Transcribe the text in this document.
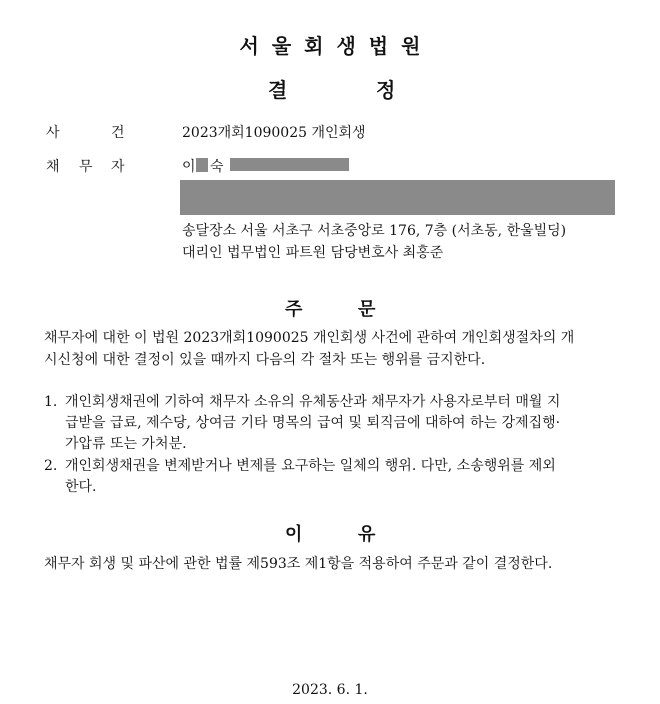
서울회생법원
결	정
사	건	2023개회1090025 개인회생
채 무 자	이 숙
송달장소 서울 서초구 서초중앙로 176, 7층 (서초동, 한울빌딩)
대리인 법무법인 파트원 담당변호사 최홍준
주	문
채무자에 대한 이 법원 2023개회1090025 개인회생 사건에 관하여 개인회생절차의 개
시신청에 대한 결정이 있을 때까지 다음의 각 절차 또는 행위를 금지한다.
1. 개인회생채권에 기하여 채무자 소유의 유체동산과 채무자가 사용자로부터 매월 지
급받을 급료, 제수당, 상여금 기타 명목의 급여 및 퇴직금에 대하여 하는 강제집행·
가압류 또는 가처분.
2. 개인회생채권을 변제받거나 변제를 요구하는 일체의 행위. 다만, 소송행위를 제외
한다.
이	유
채무자 회생 및 파산에 관한 법률 제593조 제1항을 적용하여 주문과 같이 결정한다.
2023. 6. 1.
